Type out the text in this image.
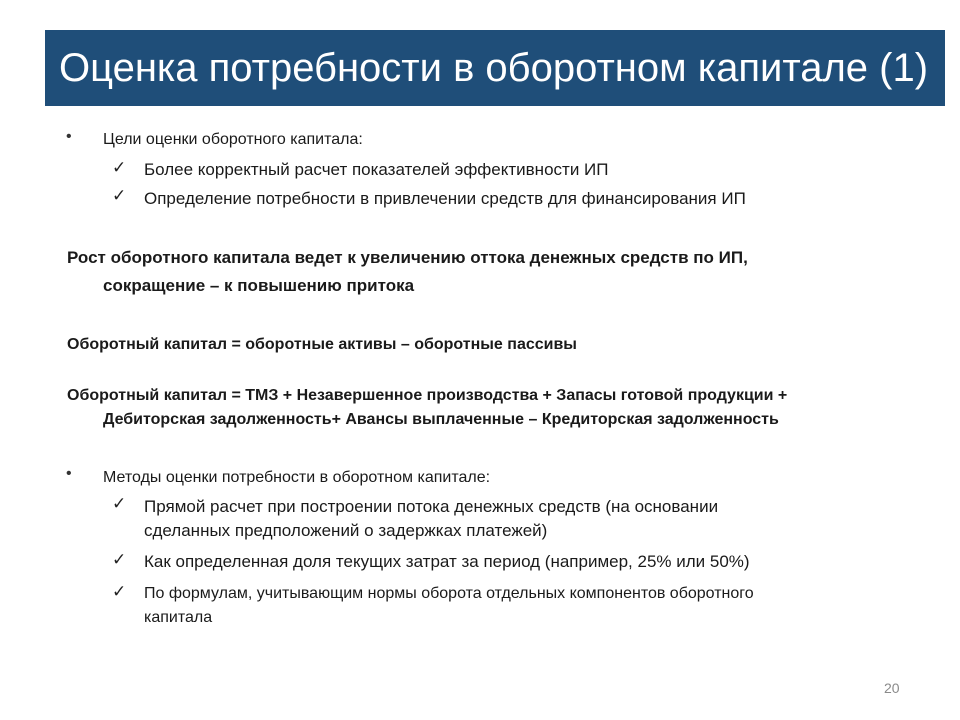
Оценка потребности в оборотном капитале (1)
• Цели оценки оборотного капитала:
✓ Более корректный расчет показателей эффективности ИП
✓ Определение потребности в привлечении средств для финансирования ИП
Рост оборотного капитала ведет к увеличению оттока денежных средств по ИП,
сокращение – к повышению притока
Оборотный капитал = оборотные активы – оборотные пассивы
Оборотный капитал = ТМЗ + Незавершенное производства + Запасы готовой продукции +
Дебиторская задолженность+ Авансы выплаченные – Кредиторская задолженность
• Методы оценки потребности в оборотном капитале:
✓ Прямой расчет при построении потока денежных средств (на основании
сделанных предположений о задержках платежей)
✓ Как определенная доля текущих затрат за период (например, 25% или 50%)
✓ По формулам, учитывающим нормы оборота отдельных компонентов оборотного
капитала
20
